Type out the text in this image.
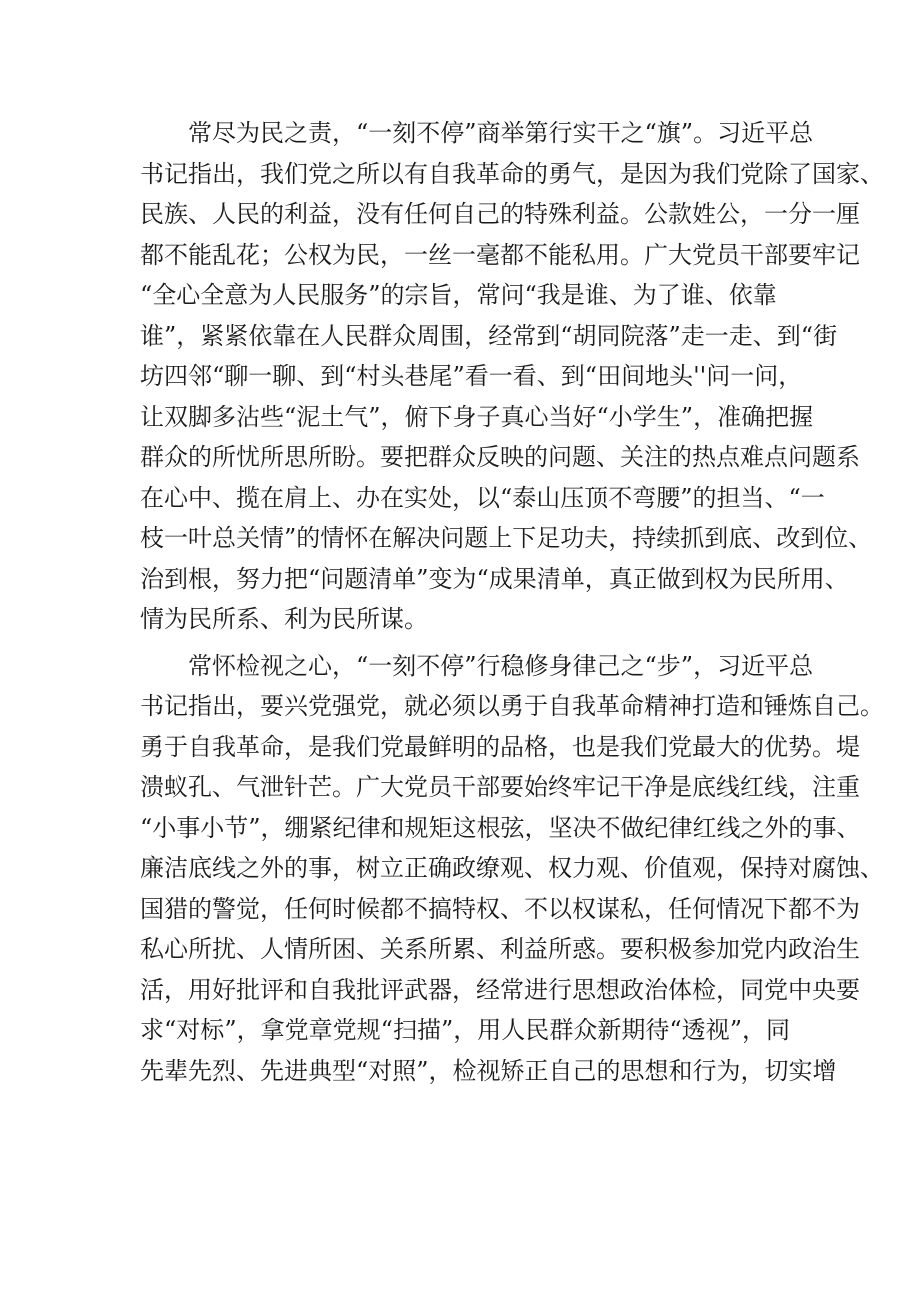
常尽为民之责，“一刻不停”商举第行实干之“旗”。习近平总
书记指出，我们党之所以有自我革命的勇气，是因为我们党除了国家、
民族、人民的利益，没有任何自己的特殊利益。公款姓公，一分一厘
都不能乱花；公权为民，一丝一毫都不能私用。广大党员干部要牢记
“全心全意为人民服务”的宗旨，常问“我是谁、为了谁、依靠
谁”，紧紧依靠在人民群众周围，经常到“胡同院落”走一走、到“街
坊四邻“聊一聊、到“村头巷尾”看一看、到“田间地头''问一问，
让双脚多沾些“泥土气”，俯下身子真心当好“小学生”，准确把握
群众的所忧所思所盼。要把群众反映的问题、关注的热点难点问题系
在心中、揽在肩上、办在实处，以“泰山压顶不弯腰”的担当、“一
枝一叶总关情”的情怀在解决问题上下足功夫，持续抓到底、改到位、
治到根，努力把“问题清单”变为“成果清单，真正做到权为民所用、
情为民所系、利为民所谋。
常怀检视之心，“一刻不停”行稳修身律己之“步”，习近平总
书记指出，要兴党强党，就必须以勇于自我革命精神打造和锤炼自己。
勇于自我革命，是我们党最鲜明的品格，也是我们党最大的优势。堤
溃蚁孔、气泄针芒。广大党员干部要始终牢记干净是底线红线，注重
“小事小节”，绷紧纪律和规矩这根弦，坚决不做纪律红线之外的事、
廉洁底线之外的事，树立正确政缭观、权力观、价值观，保持对腐蚀、
国猎的警觉，任何时候都不搞特权、不以权谋私，任何情况下都不为
私心所扰、人情所困、关系所累、利益所惑。要积极参加党内政治生
活，用好批评和自我批评武器，经常进行思想政治体检，同党中央要
求“对标”，拿党章党规“扫描”，用人民群众新期待“透视”，同
先辈先烈、先进典型“对照”，检视矫正自己的思想和行为，切实增
